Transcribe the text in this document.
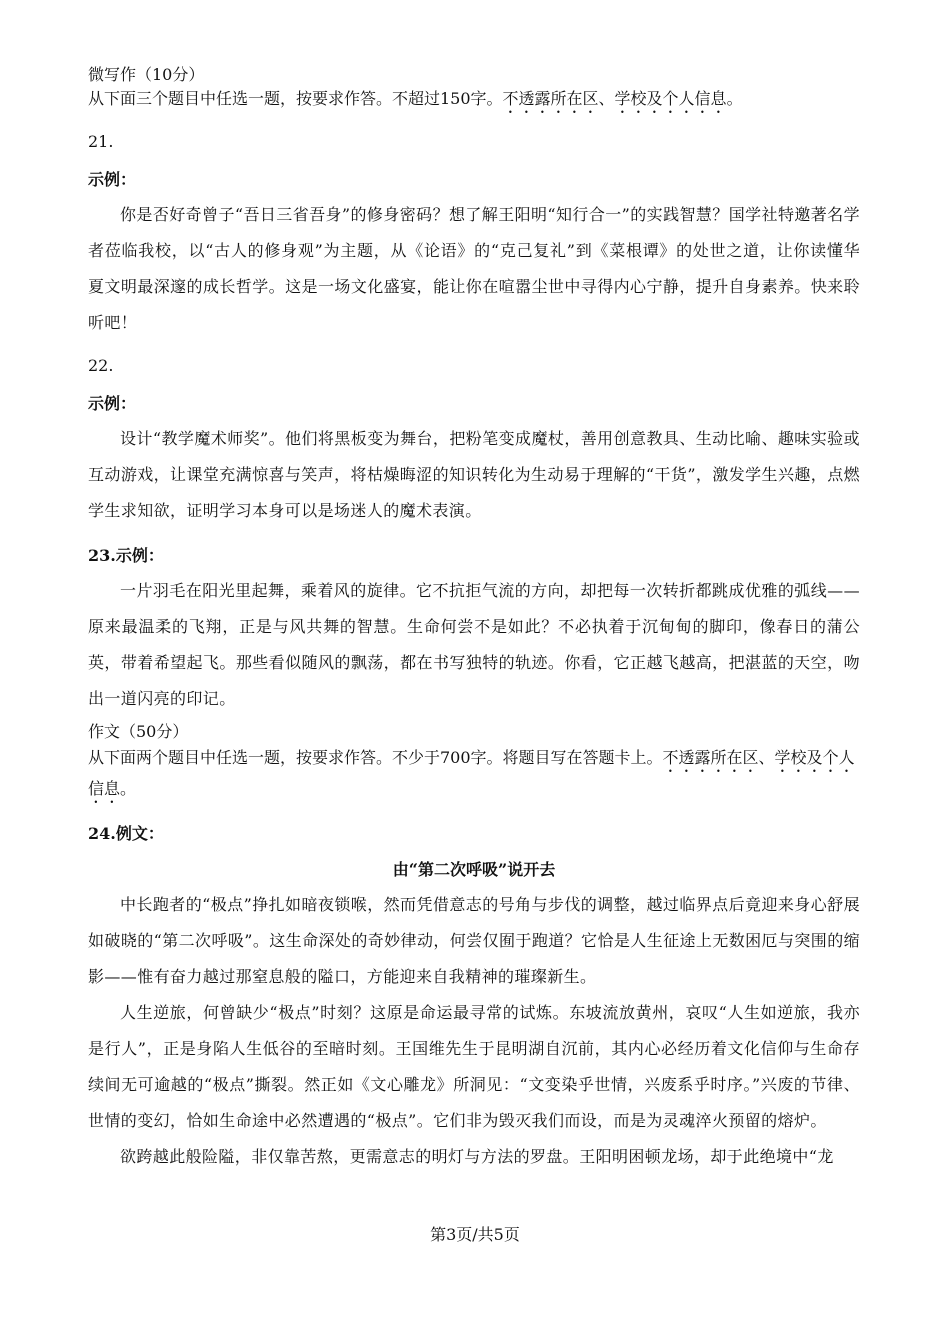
微写作（10分）

从下面三个题目中任选一题，按要求作答。不超过150字。不透露所在区、学校及个人信息。

21.

示例：

你是否好奇曾子“吾日三省吾身”的修身密码？想了解王阳明“知行合一”的实践智慧？国学社特邀著名学者莅临我校，以“古人的修身观”为主题，从《论语》的“克己复礼”到《菜根谭》的处世之道，让你读懂华夏文明最深邃的成长哲学。这是一场文化盛宴，能让你在喧嚣尘世中寻得内心宁静，提升自身素养。快来聆听吧！

22.

示例：

设计“教学魔术师奖”。他们将黑板变为舞台，把粉笔变成魔杖，善用创意教具、生动比喻、趣味实验或互动游戏，让课堂充满惊喜与笑声，将枯燥晦涩的知识转化为生动易于理解的“干货”，激发学生兴趣，点燃学生求知欲，证明学习本身可以是场迷人的魔术表演。

23.示例：

一片羽毛在阳光里起舞，乘着风的旋律。它不抗拒气流的方向，却把每一次转折都跳成优雅的弧线——原来最温柔的飞翔，正是与风共舞的智慧。生命何尝不是如此？不必执着于沉甸甸的脚印，像春日的蒲公英，带着希望起飞。那些看似随风的飘荡，都在书写独特的轨迹。你看，它正越飞越高，把湛蓝的天空，吻出一道闪亮的印记。

作文（50分）

从下面两个题目中任选一题，按要求作答。不少于700字。将题目写在答题卡上。不透露所在区、学校及个人信息。

24.例文：

由“第二次呼吸”说开去

中长跑者的“极点”挣扎如暗夜锁喉，然而凭借意志的号角与步伐的调整，越过临界点后竟迎来身心舒展如破晓的“第二次呼吸”。这生命深处的奇妙律动，何尝仅囿于跑道？它恰是人生征途上无数困厄与突围的缩影——惟有奋力越过那窒息般的隘口，方能迎来自我精神的璀璨新生。

人生逆旅，何曾缺少“极点”时刻？这原是命运最寻常的试炼。东坡流放黄州，哀叹“人生如逆旅，我亦是行人”，正是身陷人生低谷的至暗时刻。王国维先生于昆明湖自沉前，其内心必经历着文化信仰与生命存续间无可逾越的“极点”撕裂。然正如《文心雕龙》所洞见：“文变染乎世情，兴废系乎时序。”兴废的节律、世情的变幻，恰如生命途中必然遭遇的“极点”。它们非为毁灭我们而设，而是为灵魂淬火预留的熔炉。

欲跨越此般险隘，非仅靠苦熬，更需意志的明灯与方法的罗盘。王阳明困顿龙场，却于此绝境中“龙

第3页/共5页
